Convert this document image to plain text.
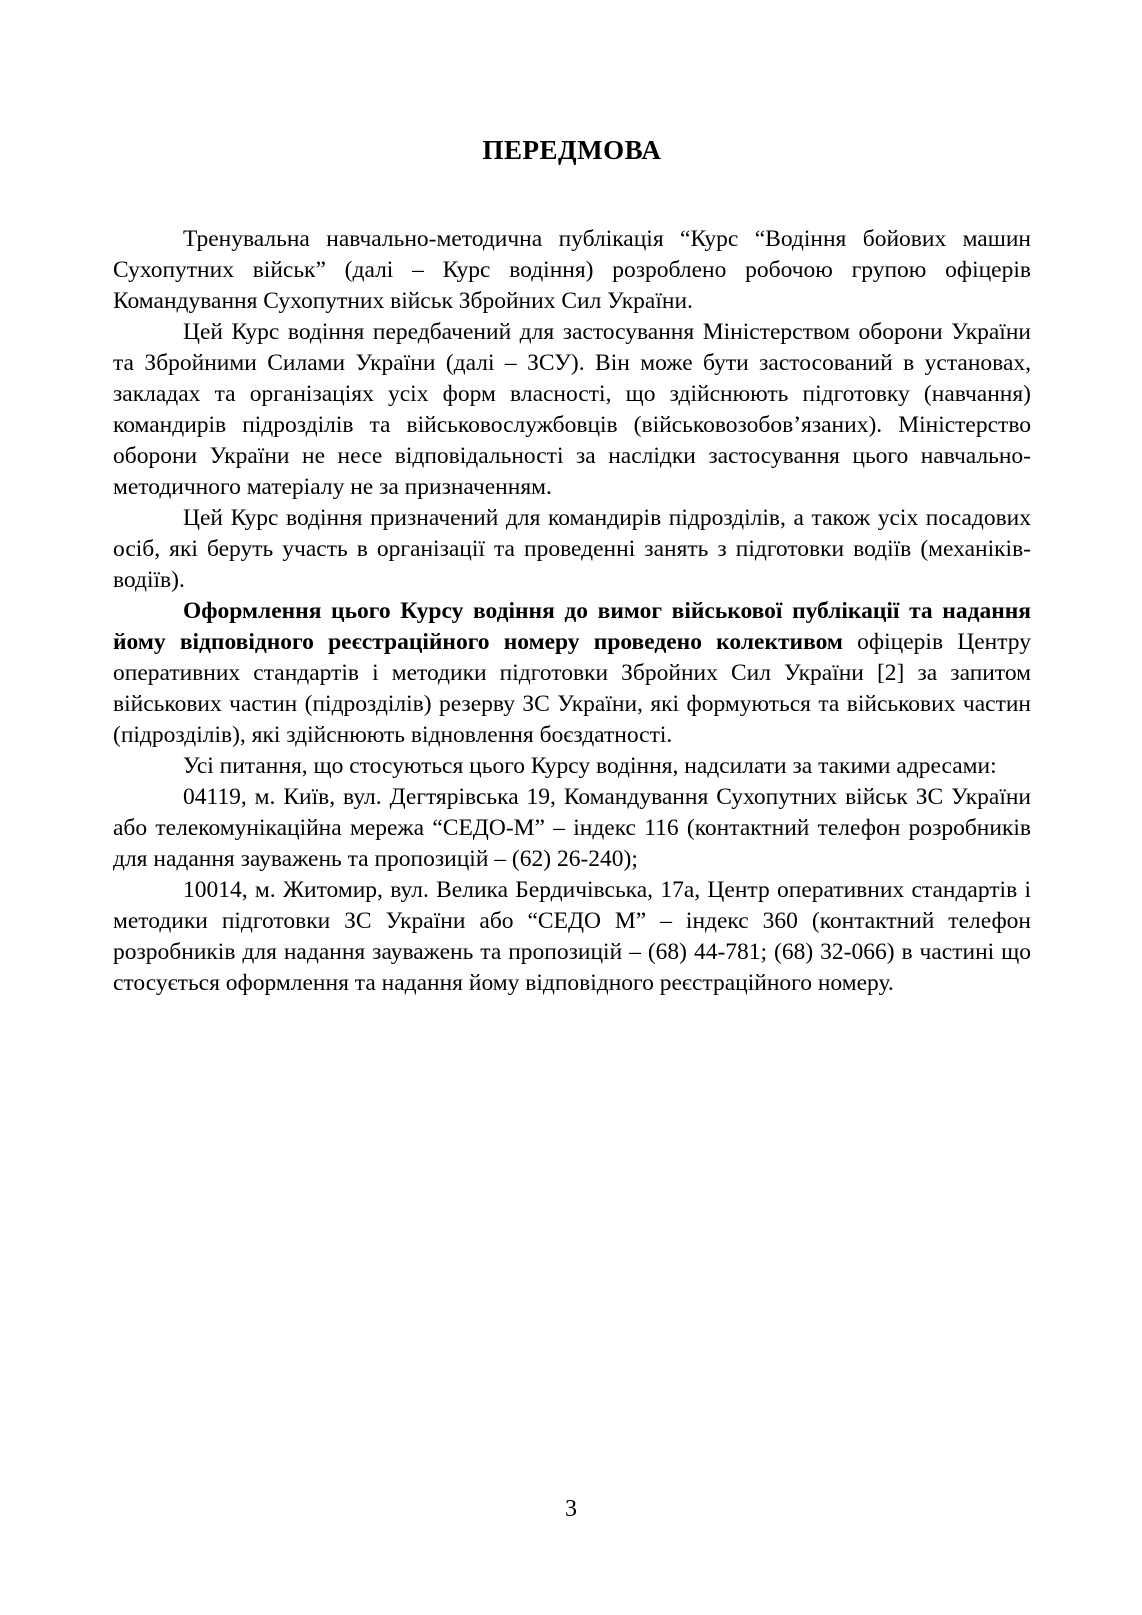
ПЕРЕДМОВА

Тренувальна навчально-методична публікація “Курс “Водіння бойових машин Сухопутних військ” (далі – Курс водіння) розроблено робочою групою офіцерів Командування Сухопутних військ Збройних Сил України.

Цей Курс водіння передбачений для застосування Міністерством оборони України та Збройними Силами України (далі – ЗСУ). Він може бути застосований в установах, закладах та організаціях усіх форм власності, що здійснюють підготовку (навчання) командирів підрозділів та військовослужбовців (військовозобов’язаних). Міністерство оборони України не несе відповідальності за наслідки застосування цього навчально-методичного матеріалу не за призначенням.

Цей Курс водіння призначений для командирів підрозділів, а також усіх посадових осіб, які беруть участь в організації та проведенні занять з підготовки водіїв (механіків-водіїв).

Оформлення цього Курсу водіння до вимог військової публікації та надання йому відповідного реєстраційного номеру проведено колективом офіцерів Центру оперативних стандартів і методики підготовки Збройних Сил України [2] за запитом військових частин (підрозділів) резерву ЗС України, які формуються та військових частин (підрозділів), які здійснюють відновлення боєздатності.

Усі питання, що стосуються цього Курсу водіння, надсилати за такими адресами:

04119, м. Київ, вул. Дегтярівська 19, Командування Сухопутних військ ЗС України або телекомунікаційна мережа “СЕДО-М” – індекс 116 (контактний телефон розробників для надання зауважень та пропозицій – (62) 26-240);

10014, м. Житомир, вул. Велика Бердичівська, 17а, Центр оперативних стандартів і методики підготовки ЗС України або “СЕДО М” – індекс 360 (контактний телефон розробників для надання зауважень та пропозицій – (68) 44-781; (68) 32-066) в частині що стосується оформлення та надання йому відповідного реєстраційного номеру.

3
